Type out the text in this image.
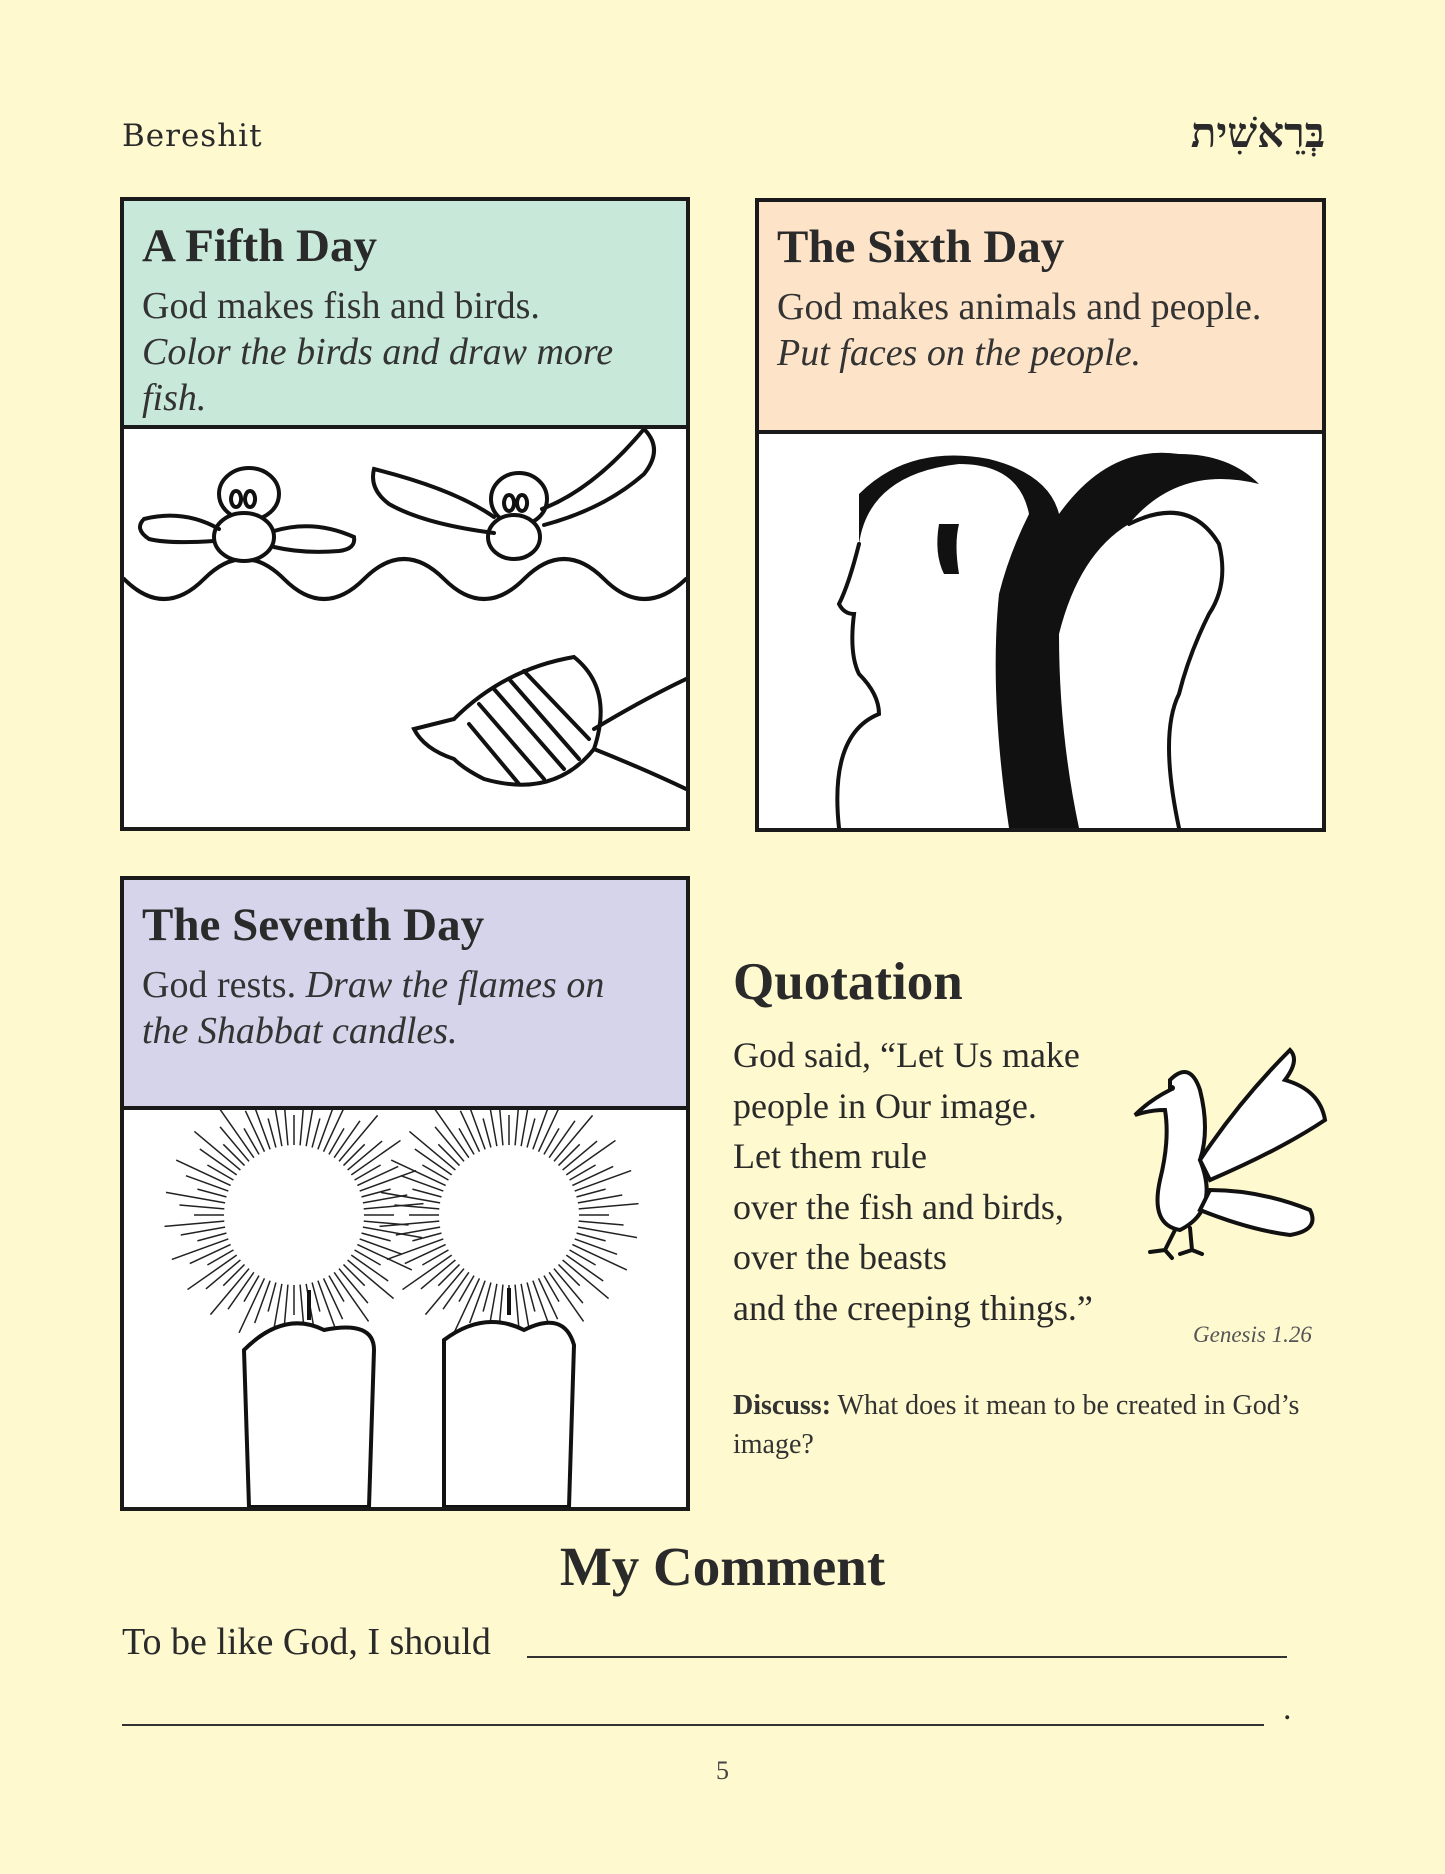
Bereshit	בְּרֵאשִׁית
A Fifth Day

God makes fish and birds.

Color the birds and draw more fish.

The Sixth Day

God makes animals and people.

Put faces on the people.

The Seventh Day

God rests. Draw the flames on

the Shabbat candles.

Quotation
God said, “Let Us make
people in Our image.
Let them rule
over the fish and birds,
over the beasts
and the creeping things.”
Genesis 1.26
Discuss: What does it mean to be created in God’s image?
My Comment
To be like God, I should
.
5
